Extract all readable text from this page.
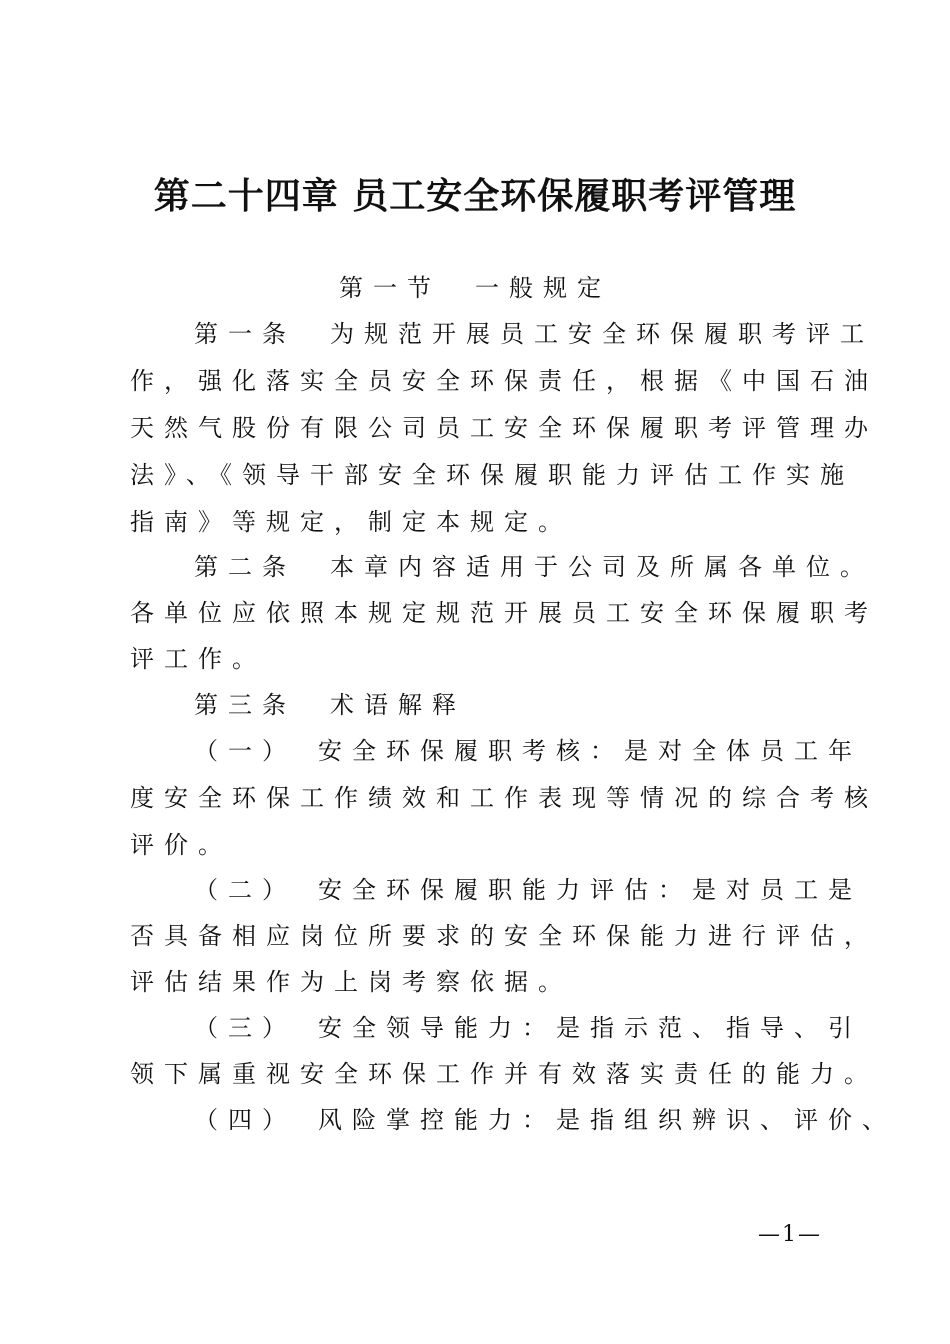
第二十四章 员工安全环保履职考评管理
第一节　一般规定
第一条　为规范开展员工安全环保履职考评工
作，强化落实全员安全环保责任，根据《中国石油
天然气股份有限公司员工安全环保履职考评管理办
法》、《领导干部安全环保履职能力评估工作实施
指南》等规定，制定本规定。
第二条　本章内容适用于公司及所属各单位。
各单位应依照本规定规范开展员工安全环保履职考
评工作。
第三条　术语解释
（一）　安全环保履职考核：是对全体员工年
度安全环保工作绩效和工作表现等情况的综合考核
评价。
（二）　安全环保履职能力评估：是对员工是
否具备相应岗位所要求的安全环保能力进行评估，
评估结果作为上岗考察依据。
（三）　安全领导能力：是指示范、指导、引
领下属重视安全环保工作并有效落实责任的能力。
（四）　风险掌控能力：是指组织辨识、评价、
—1—
